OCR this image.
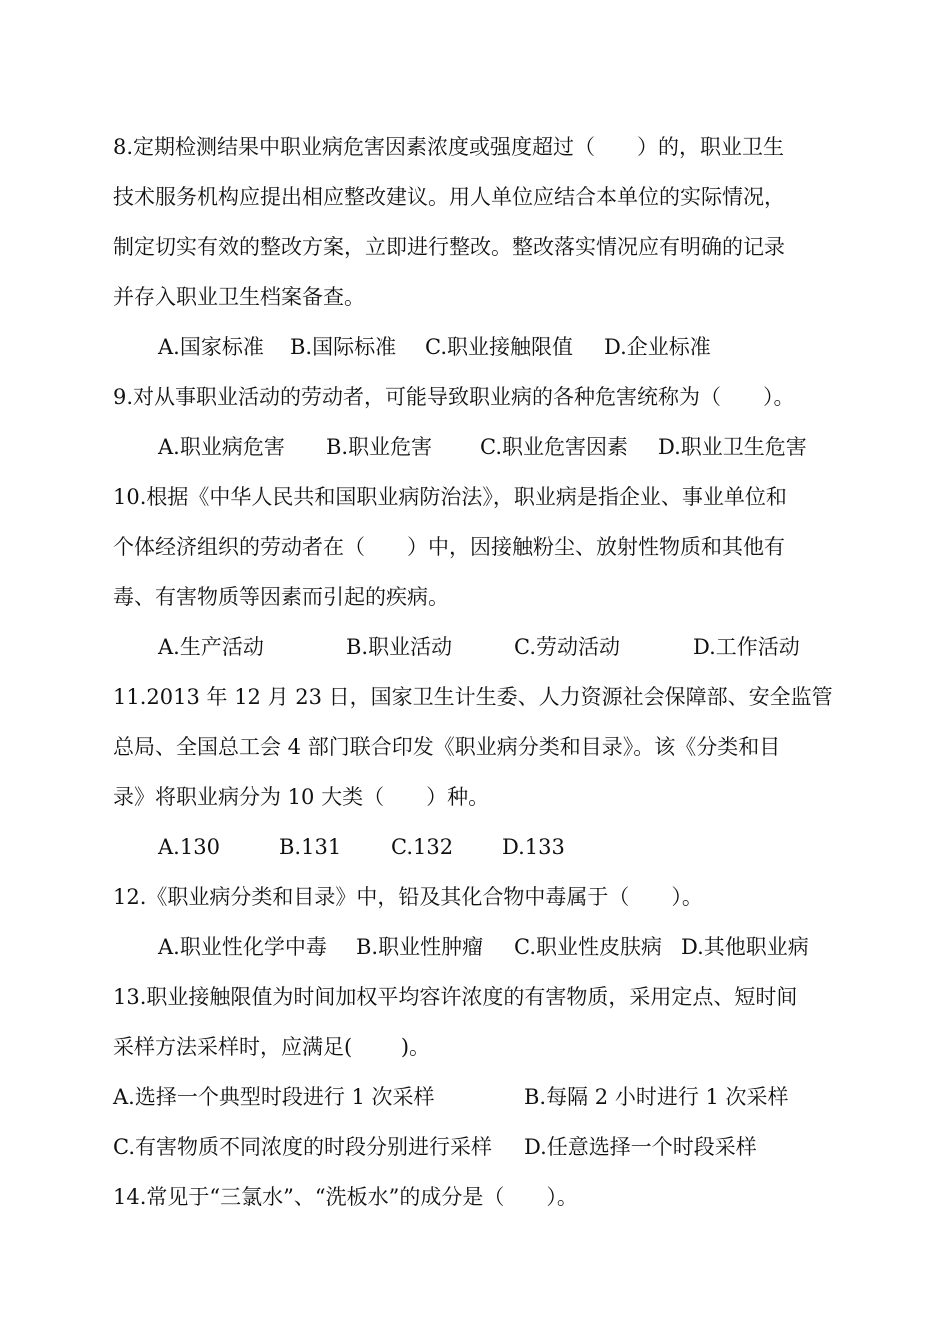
8.定期检测结果中职业病危害因素浓度或强度超过（　　）的，职业卫生
技术服务机构应提出相应整改建议。用人单位应结合本单位的实际情况，
制定切实有效的整改方案，立即进行整改。整改落实情况应有明确的记录
并存入职业卫生档案备查。

A.国家标准

B.国际标准

C.职业接触限值

D.企业标准

9.对从事职业活动的劳动者，可能导致职业病的各种危害统称为（　　）。

A.职业病危害

B.职业危害

C.职业危害因素

D.职业卫生危害

10.根据《中华人民共和国职业病防治法》，职业病是指企业、事业单位和
个体经济组织的劳动者在（　　）中，因接触粉尘、放射性物质和其他有
毒、有害物质等因素而引起的疾病。

A.生产活动

	B.职业活动

	C.劳动活动

	D.工作活动

11.2013 年 12 月 23 日，国家卫生计生委、人力资源社会保障部、安全监管
总局、全国总工会 4 部门联合印发《职业病分类和目录》。该《分类和目
录》将职业病分为 10 大类（　　）种。

A.130

	B.131

C.132

D.133

12.《职业病分类和目录》中，铅及其化合物中毒属于（　　）。

A.职业性化学中毒

B.职业性肿瘤

C.职业性皮肤病

D.其他职业病

13.职业接触限值为时间加权平均容许浓度的有害物质，采用定点、短时间
采样方法采样时，应满足(　　 )。

A.选择一个典型时段进行 1 次采样

	B.每隔 2 小时进行 1 次采样

C.有害物质不同浓度的时段分别进行采样

D.任意选择一个时段采样

14.常见于“三氯水”、“洗板水”的成分是（　　）。
